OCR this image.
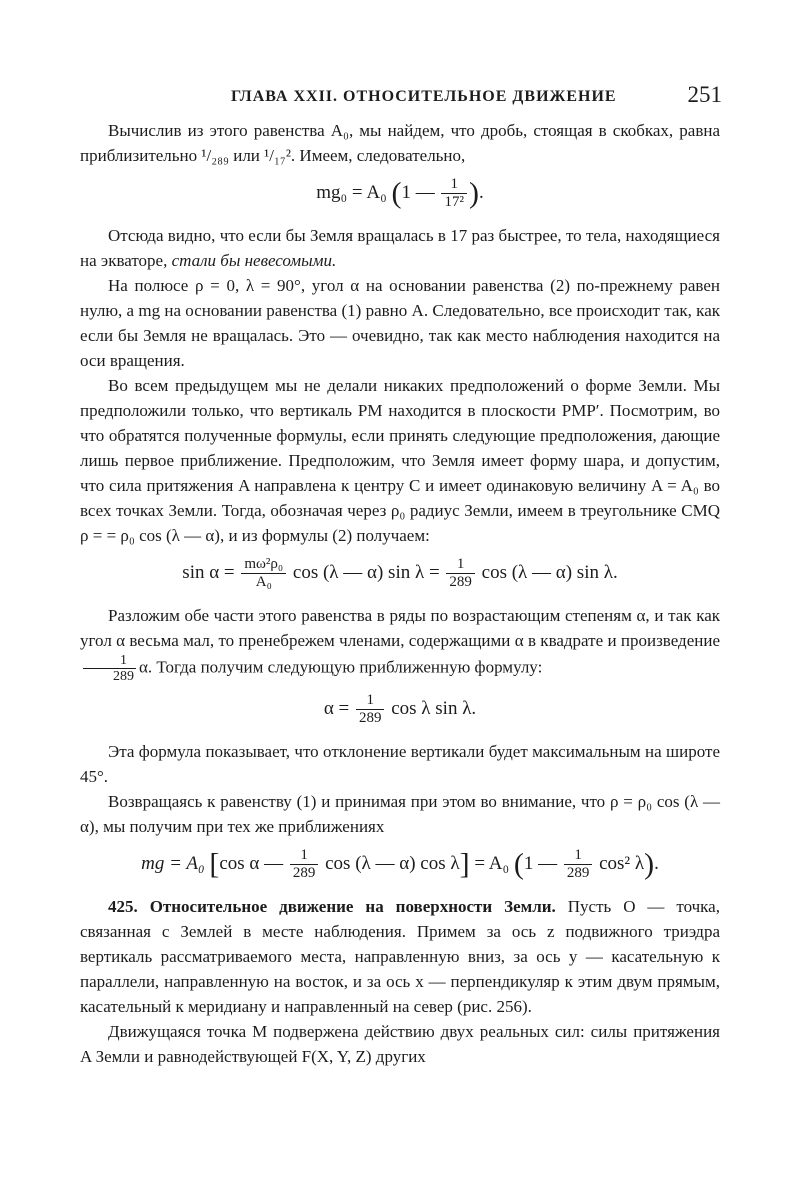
ГЛАВА XXII. ОТНОСИТЕЛЬНОЕ ДВИЖЕНИЕ	251

Вычислив из этого равенства A₀, мы найдем, что дробь, стоящая в скобках, равна приблизительно ¹/₂₈₉ или ¹/₁₇². Имеем, следовательно,

mg₀ = A₀ (1 — $\frac{1}{\text{17²}}$ ).

Отсюда видно, что если бы Земля вращалась в 17 раз быстрее, то тела, находящиеся на экваторе, стали бы невесомыми.

На полюсе ρ = 0, λ = 90°, угол α на основании равенства (2) по-прежнему равен нулю, а mg на основании равенства (1) равно A. Следовательно, все происходит так, как если бы Земля не вращалась. Это — очевидно, так как место наблюдения находится на оси вращения.

Во всем предыдущем мы не делали никаких предположений о форме Земли. Мы предположили только, что вертикаль PM находится в плоскости PMP′. Посмотрим, во что обратятся полученные формулы, если принять следующие предположения, дающие лишь первое приближение. Предположим, что Земля имеет форму шара, и допустим, что сила притяжения A направлена к центру C и имеет одинаковую величину A = A₀ во всех точках Земли. Тогда, обозначая через ρ₀ радиус Земли, имеем в треугольнике CMQ ρ = = ρ₀ cos (λ — α), и из формулы (2) получаем:

$\sin \alpha = \frac{\text{mω²ρ₀}}{\text{A₀}}$ cos (λ — α) $\sin \lambda = \frac{1}{289}$ cos (λ — α) sin λ.

Разложим обе части этого равенства в ряды по возрастающим степеням α, и так как угол α весьма мал, то пренебрежем членами, содержащими α в квадрате и произведение
$\frac{1}{289} \alpha$. Тогда получим следующую приближенную формулу:

$\alpha = \frac{1}{289}$ cos λ sin λ.

Эта формула показывает, что отклонение вертикали будет максимальным на широте 45°.

Возвращаясь к равенству (1) и принимая при этом во внимание, что ρ = ρ₀ cos (λ — α), мы получим при тех же приближениях

mg = A₀ [cos α — $\frac{1}{289}$ cos (λ — α) cos λ] = A₀ (1 — $\frac{1}{289} \cos^2$ λ).

425. Относительное движение на поверхности Земли. Пусть O — точка, связанная с Землей в месте наблюдения. Примем за ось z подвижного триэдра вертикаль рассматриваемого места, направленную вниз, за ось y — касательную к параллели, направленную на восток, и за ось x — перпендикуляр к этим двум прямым, касательный к меридиану и направленный на север (рис. 256).

Движущаяся точка M подвержена действию двух реальных сил: силы притяжения A Земли и равнодействующей F(X, Y, Z) других
